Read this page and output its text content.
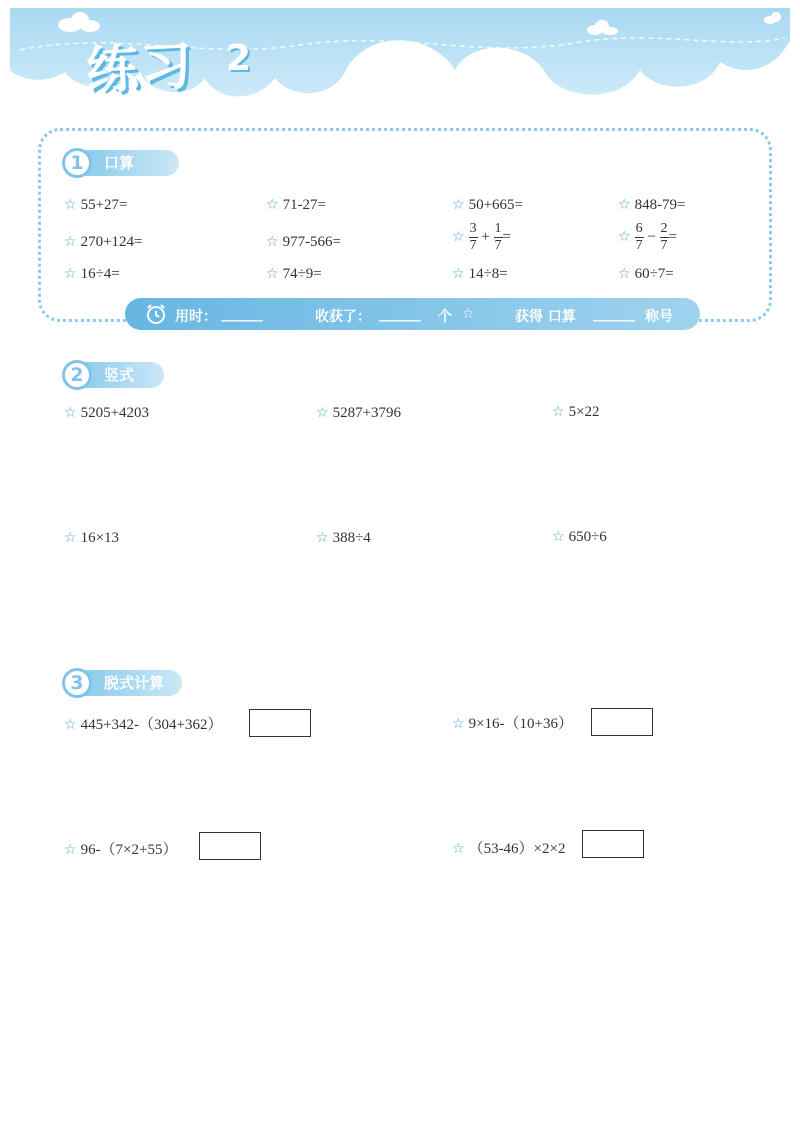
练习 2
口算
1
☆ 55+27=	☆ 71-27=	☆ 50+665=	☆ 848-79=
☆ 270+124=	☆ 977-566=	☆ $\frac{3}{7} + \frac{1}{7}$ =	☆ $\frac{6}{7} - \frac{2}{7}$ =
☆ 16÷4=	☆ 74÷9=	☆ 14÷8=	☆ 60÷7=
用时： ______	收获了： ______ 个 ☆	获得 口算 ______ 称号
竖式
2
☆ 5205+4203	☆ 5287+3796	☆ 5×22
☆ 16×13	☆ 388÷4	☆ 650÷6
脱式计算
3
☆ 445+342-（304+362）	☆ 9×16-（10+36）
☆ 96-（7×2+55）	☆ （53-46）×2×2
